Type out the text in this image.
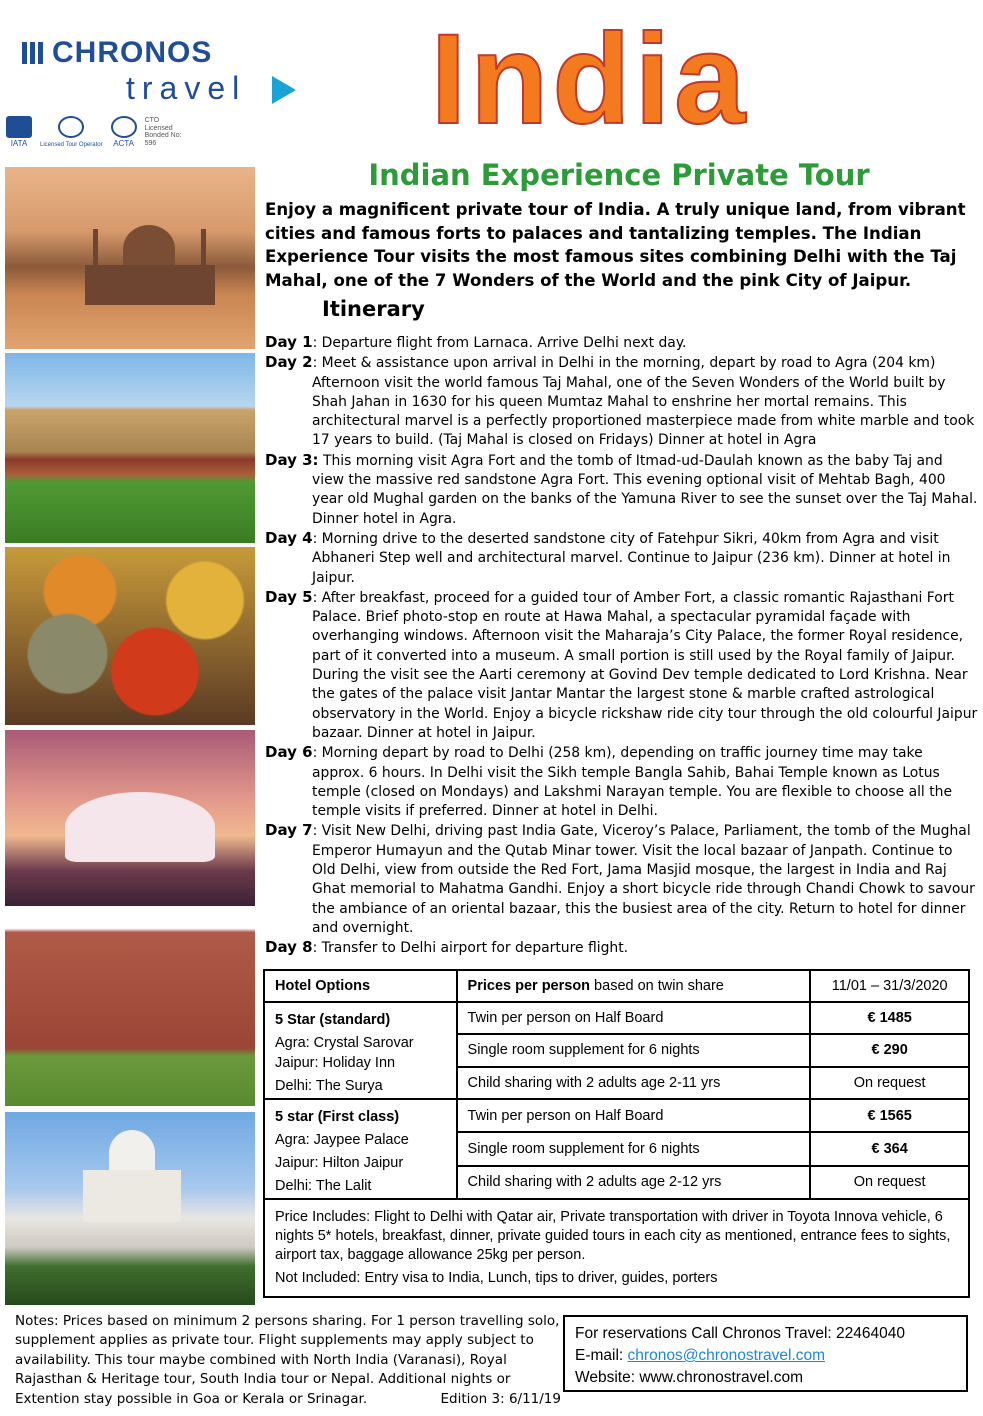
CHRONOS
travel
IATA	Licensed Tour Operator	ACTA
CTO Licensed Bonded No: 596	India
Indian Experience Private Tour
Enjoy a magnificent private tour of India. A truly unique land, from vibrant cities and famous forts to palaces and tantalizing temples. The Indian Experience Tour visits the most famous sites combining Delhi with the Taj Mahal, one of the 7 Wonders of the World and the pink City of Jaipur.
Itinerary
Day 1: Departure flight from Larnaca. Arrive Delhi next day.
Day 2: Meet & assistance upon arrival in Delhi in the morning, depart by road to Agra (204 km) Afternoon visit the world famous Taj Mahal, one of the Seven Wonders of the World built by Shah Jahan in 1630 for his queen Mumtaz Mahal to enshrine her mortal remains. This architectural marvel is a perfectly proportioned masterpiece made from white marble and took 17 years to build. (Taj Mahal is closed on Fridays) Dinner at hotel in Agra
Day 3: This morning visit Agra Fort and the tomb of Itmad-ud-Daulah known as the baby Taj and view the massive red sandstone Agra Fort. This evening optional visit of Mehtab Bagh, 400 year old Mughal garden on the banks of the Yamuna River to see the sunset over the Taj Mahal. Dinner hotel in Agra.
Day 4: Morning drive to the deserted sandstone city of Fatehpur Sikri, 40km from Agra and visit Abhaneri Step well and architectural marvel. Continue to Jaipur (236 km). Dinner at hotel in Jaipur.
Day 5: After breakfast, proceed for a guided tour of Amber Fort, a classic romantic Rajasthani Fort Palace. Brief photo-stop en route at Hawa Mahal, a spectacular pyramidal façade with overhanging windows. Afternoon visit the Maharaja’s City Palace, the former Royal residence, part of it converted into a museum. A small portion is still used by the Royal family of Jaipur. During the visit see the Aarti ceremony at Govind Dev temple dedicated to Lord Krishna. Near the gates of the palace visit Jantar Mantar the largest stone & marble crafted astrological observatory in the World. Enjoy a bicycle rickshaw ride city tour through the old colourful Jaipur bazaar. Dinner at hotel in Jaipur.
Day 6: Morning depart by road to Delhi (258 km), depending on traffic journey time may take approx. 6 hours. In Delhi visit the Sikh temple Bangla Sahib, Bahai Temple known as Lotus temple (closed on Mondays) and Lakshmi Narayan temple. You are flexible to choose all the temple visits if preferred. Dinner at hotel in Delhi.
Day 7: Visit New Delhi, driving past India Gate, Viceroy’s Palace, Parliament, the tomb of the Mughal Emperor Humayun and the Qutab Minar tower. Visit the local bazaar of Janpath. Continue to Old Delhi, view from outside the Red Fort, Jama Masjid mosque, the largest in India and Raj Ghat memorial to Mahatma Gandhi. Enjoy a short bicycle ride through Chandi Chowk to savour the ambiance of an oriental bazaar, this the busiest area of the city. Return to hotel for dinner and overnight.
Day 8: Transfer to Delhi airport for departure flight.
Hotel Options	Prices per person based on twin share	11/01 – 31/3/2020

5 Star (standard)
Agra: Crystal Sarovar
Jaipur: Holiday Inn
Delhi: The Surya	Twin per person on Half Board	€ 1485
	Single room supplement for 6 nights	€ 290
	Child sharing with 2 adults age 2-11 yrs	On request

5 star (First class)
Agra: Jaypee Palace
Jaipur: Hilton Jaipur
Delhi: The Lalit	Twin per person on Half Board	€ 1565
	Single room supplement for 6 nights	€ 364
	Child sharing with 2 adults age 2-12 yrs	On request

Price Includes: Flight to Delhi with Qatar air, Private transportation with driver in Toyota Innova vehicle, 6 nights 5* hotels, breakfast, dinner, private guided tours in each city as mentioned, entrance fees to sights, airport tax, baggage allowance 25kg per person.
Not Included: Entry visa to India, Lunch, tips to driver, guides, porters		
Notes: Prices based on minimum 2 persons sharing. For 1 person travelling solo, supplement applies as private tour. Flight supplements may apply subject to availability. This tour maybe combined with North India (Varanasi), Royal Rajasthan & Heritage tour, South India tour or Nepal. Additional nights or Extention stay possible in Goa or Kerala or Srinagar.	Edition 3: 6/11/19
For reservations Call Chronos Travel: 22464040
E-mail: chronos@chronostravel.com
Website: www.chronostravel.com
